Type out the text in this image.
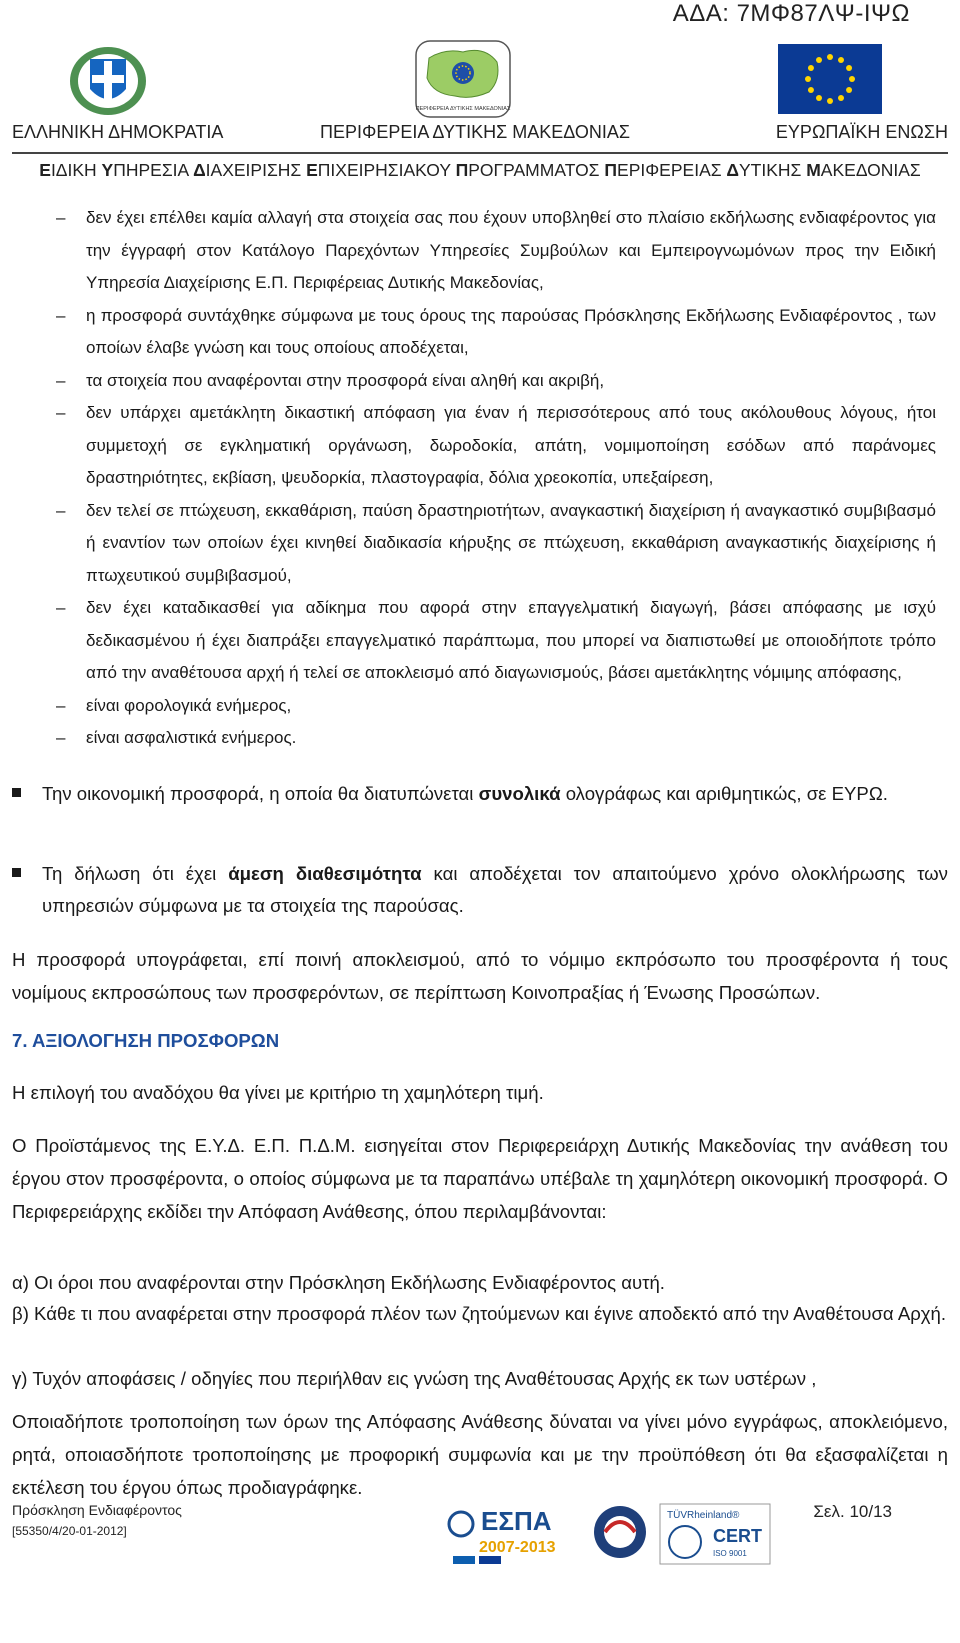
ΑΔΑ: 7ΜΦ87ΛΨ-ΙΨΩ
ΠΕΡΙΦΕΡΕΙΑ ΔΥΤΙΚΗΣ ΜΑΚΕΔΟΝΙΑΣ
ΕΛΛΗΝΙΚΗ ΔΗΜΟΚΡΑΤΙΑ	ΠΕΡΙΦΕΡΕΙΑ ΔΥΤΙΚΗΣ ΜΑΚΕΔΟΝΙΑΣ	ΕΥΡΩΠΑΪΚΗ ΕΝΩΣΗ
ΕΙΔΙΚΗ ΥΠΗΡΕΣΙΑ ΔΙΑΧΕΙΡΙΣΗΣ ΕΠΙΧΕΙΡΗΣΙΑΚΟΥ ΠΡΟΓΡΑΜΜΑΤΟΣ ΠΕΡΙΦΕΡΕΙΑΣ ΔΥΤΙΚΗΣ ΜΑΚΕΔΟΝΙΑΣ
– δεν έχει επέλθει καμία αλλαγή στα στοιχεία σας που έχουν υποβληθεί στο πλαίσιο εκδήλωσης ενδιαφέροντος για την έγγραφή στον Κατάλογο Παρεχόντων Υπηρεσίες Συμβούλων και Εμπειρογνωμόνων προς την Ειδική Υπηρεσία Διαχείρισης Ε.Π. Περιφέρειας Δυτικής Μακεδονίας,
– η προσφορά συντάχθηκε σύμφωνα με τους όρους της παρούσας Πρόσκλησης Εκδήλωσης Ενδιαφέροντος , των οποίων έλαβε γνώση και τους οποίους αποδέχεται,
– τα στοιχεία που αναφέρονται στην προσφορά είναι αληθή και ακριβή,
– δεν υπάρχει αμετάκλητη δικαστική απόφαση για έναν ή περισσότερους από τους ακόλουθους λόγους, ήτοι συμμετοχή σε εγκληματική οργάνωση, δωροδοκία, απάτη, νομιμοποίηση εσόδων από παράνομες δραστηριότητες, εκβίαση, ψευδορκία, πλαστογραφία, δόλια χρεοκοπία, υπεξαίρεση,
– δεν τελεί σε πτώχευση, εκκαθάριση, παύση δραστηριοτήτων, αναγκαστική διαχείριση ή αναγκαστικό συμβιβασμό ή εναντίον των οποίων έχει κινηθεί διαδικασία κήρυξης σε πτώχευση, εκκαθάριση αναγκαστικής διαχείρισης ή πτωχευτικού συμβιβασμού,
– δεν έχει καταδικασθεί για αδίκημα που αφορά στην επαγγελματική διαγωγή, βάσει απόφασης με ισχύ δεδικασμένου ή έχει διαπράξει επαγγελματικό παράπτωμα, που μπορεί να διαπιστωθεί με οποιοδήποτε τρόπο από την αναθέτουσα αρχή ή τελεί σε αποκλεισμό από διαγωνισμούς, βάσει αμετάκλητης νόμιμης απόφασης,
– είναι φορολογικά ενήμερος,
– είναι ασφαλιστικά ενήμερος.
Την οικονομική προσφορά, η οποία θα διατυπώνεται συνολικά ολογράφως και αριθμητικώς, σε ΕΥΡΩ.
Τη δήλωση ότι έχει άμεση διαθεσιμότητα και αποδέχεται τον απαιτούμενο χρόνο ολοκλήρωσης των υπηρεσιών σύμφωνα με τα στοιχεία της παρούσας.
Η προσφορά υπογράφεται, επί ποινή αποκλεισμού, από το νόμιμο εκπρόσωπο του προσφέροντα ή τους νομίμους εκπροσώπους των προσφερόντων, σε περίπτωση Κοινοπραξίας ή Ένωσης Προσώπων.
7. ΑΞΙΟΛΟΓΗΣΗ ΠΡΟΣΦΟΡΩΝ
Η επιλογή του αναδόχου θα γίνει με κριτήριο τη χαμηλότερη τιμή.
Ο Προϊστάμενος της Ε.Υ.Δ. Ε.Π. Π.Δ.Μ. εισηγείται στον Περιφερειάρχη Δυτικής Μακεδονίας την ανάθεση του έργου στον προσφέροντα, ο οποίος σύμφωνα με τα παραπάνω υπέβαλε τη χαμηλότερη οικονομική προσφορά. Ο Περιφερειάρχης εκδίδει την Απόφαση Ανάθεσης, όπου περιλαμβάνονται:
α) Οι όροι που αναφέρονται στην Πρόσκληση Εκδήλωσης Ενδιαφέροντος αυτή.
β) Κάθε τι που αναφέρεται στην προσφορά πλέον των ζητούμενων και έγινε αποδεκτό από την Αναθέτουσα Αρχή.
γ) Τυχόν αποφάσεις / οδηγίες που περιήλθαν εις γνώση της Αναθέτουσας Αρχής εκ των υστέρων ,
Οποιαδήποτε τροποποίηση των όρων της Απόφασης Ανάθεσης δύναται να γίνει μόνο εγγράφως, αποκλειόμενο, ρητά, οποιασδήποτε τροποποίησης με προφορική συμφωνία και με την προϋπόθεση ότι θα εξασφαλίζεται η εκτέλεση του έργου όπως προδιαγράφηκε.
Πρόσκληση Ενδιαφέροντος
[55350/4/20-01-2012]
Σελ. 10/13
ΕΣΠΑ
2007-2013
TÜVRheinland®
CERT
ISO 9001
